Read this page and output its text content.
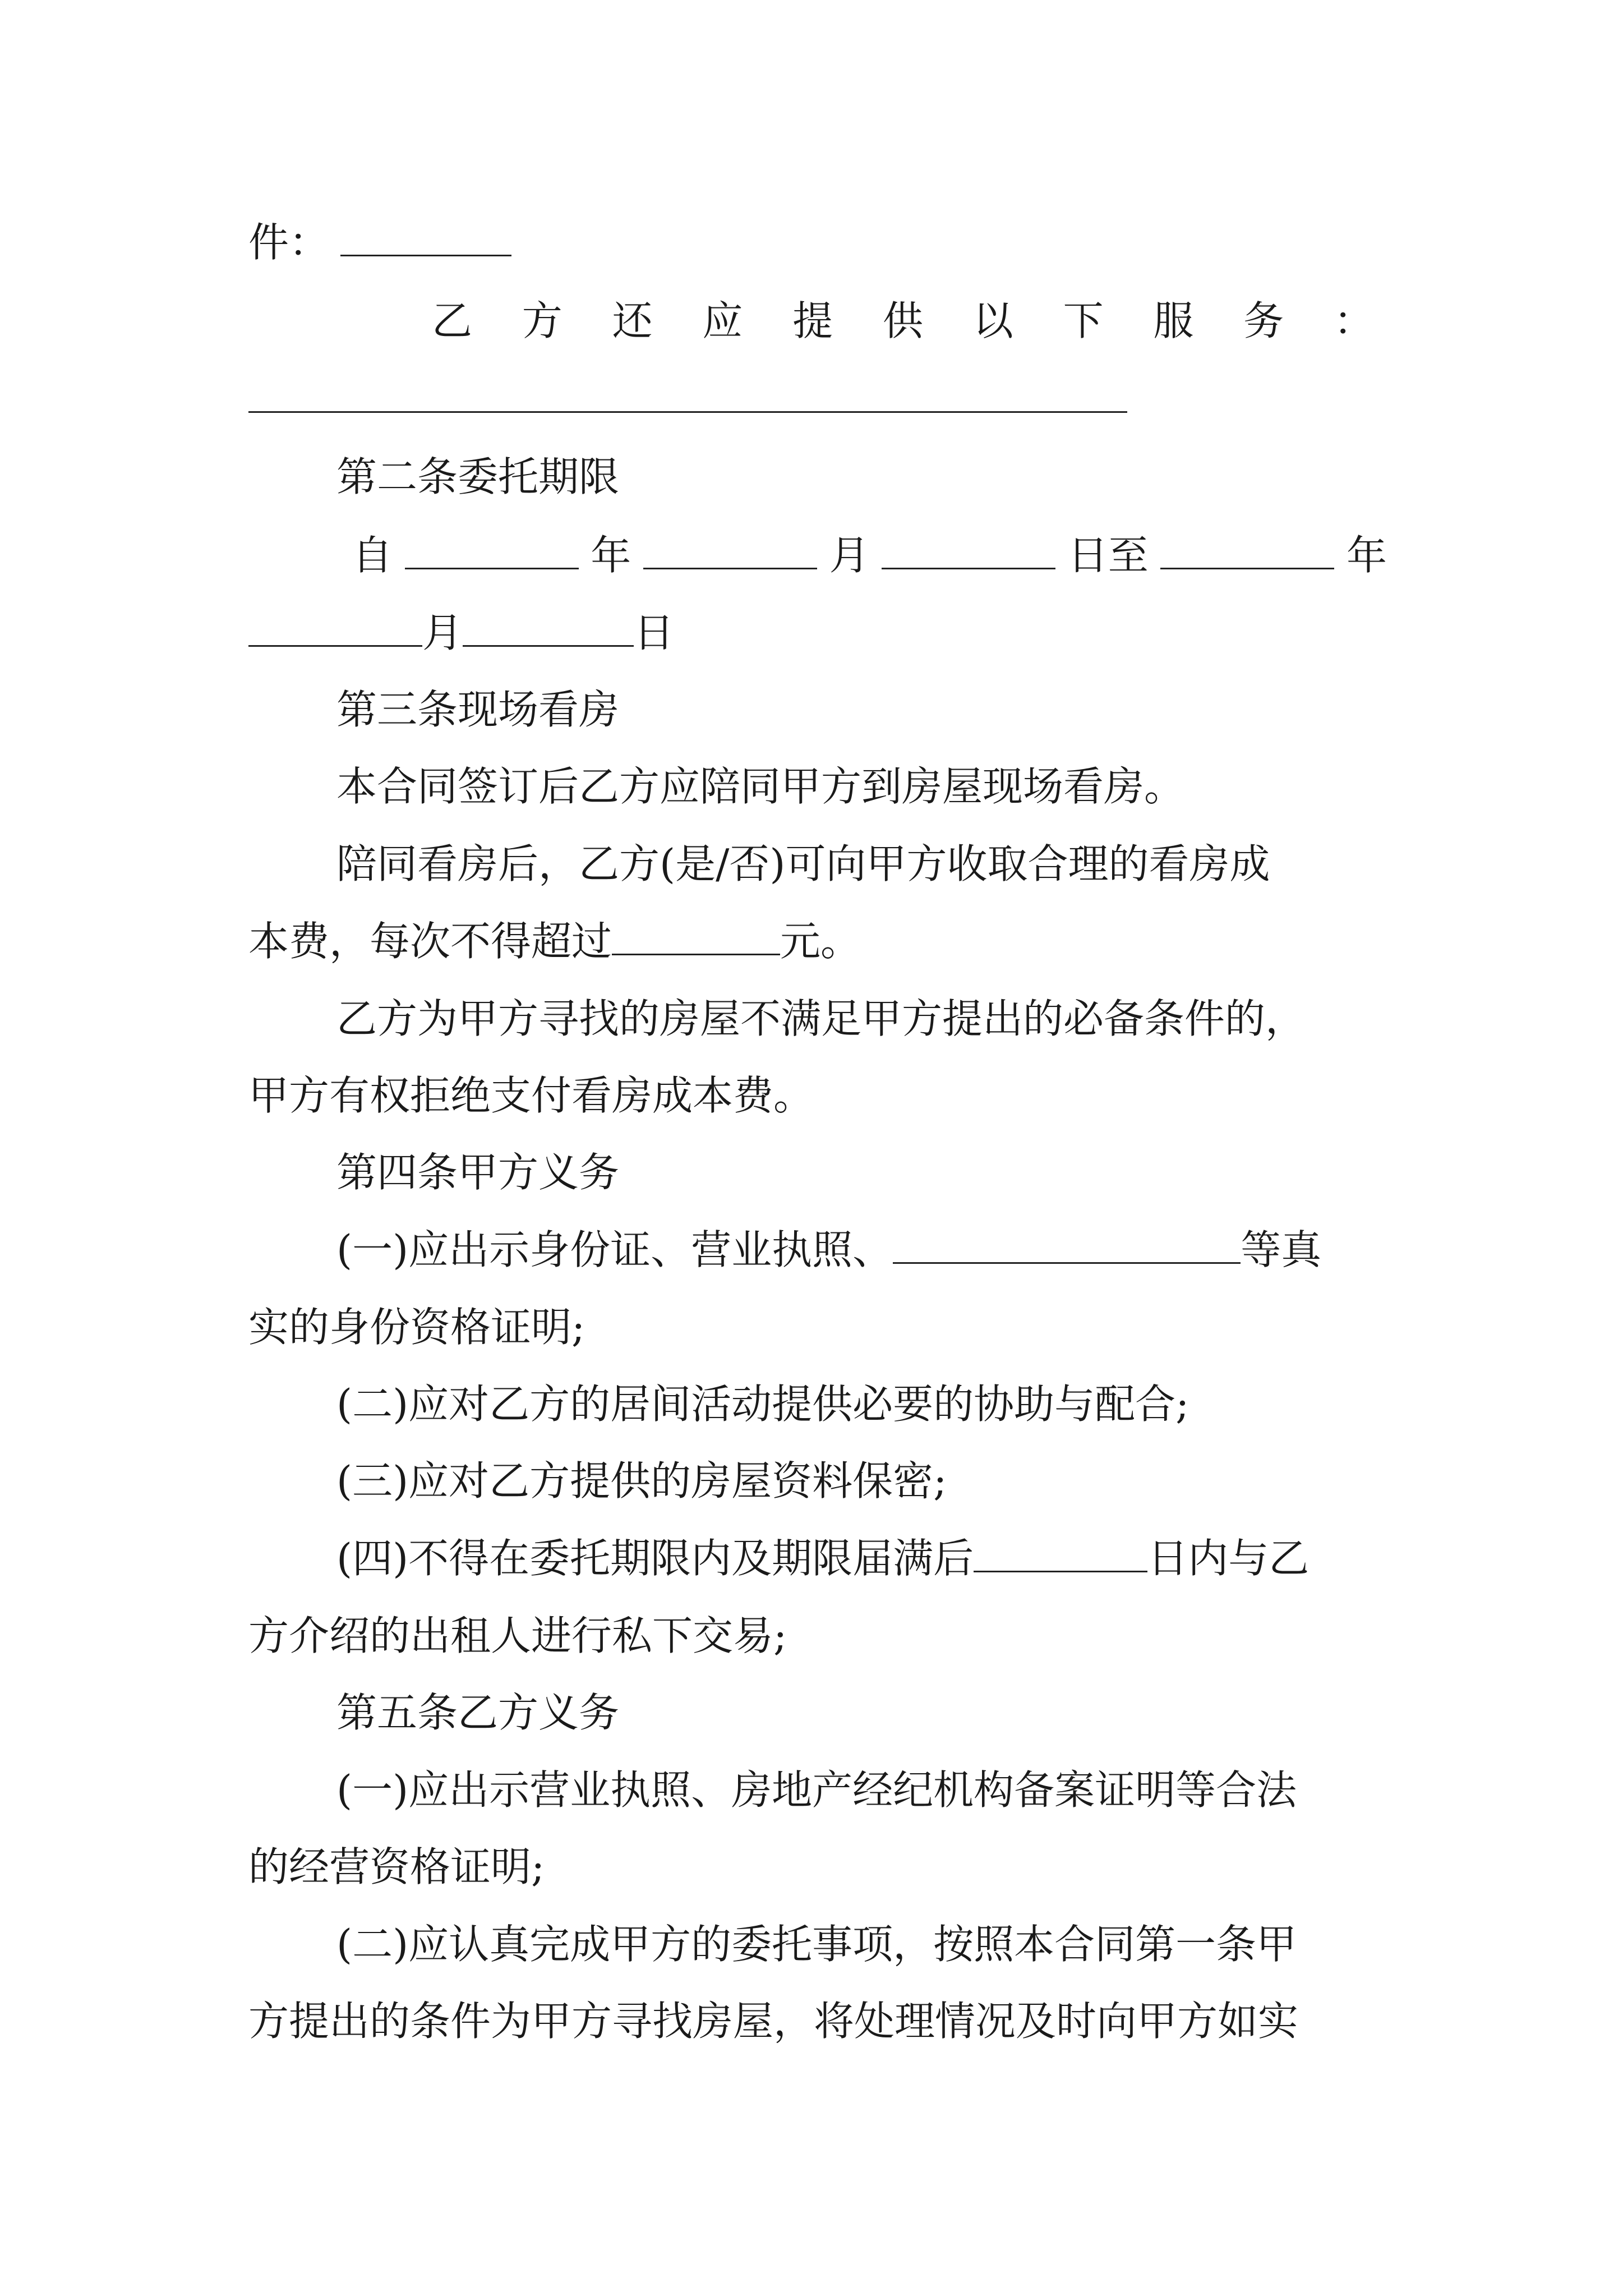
件：
乙 方 还 应 提 供 以 下 服 务 ：
第二条委托期限
自	年	月	日至	年
月	日
第三条现场看房
本合同签订后乙方应陪同甲方到房屋现场看房。
陪同看房后，乙方(是/否)可向甲方收取合理的看房成
本费，每次不得超过	元。
乙方为甲方寻找的房屋不满足甲方提出的必备条件的，
甲方有权拒绝支付看房成本费。
第四条甲方义务
(一)应出示身份证、营业执照、	等真
实的身份资格证明;
(二)应对乙方的居间活动提供必要的协助与配合;
(三)应对乙方提供的房屋资料保密;
(四)不得在委托期限内及期限届满后	日内与乙
方介绍的出租人进行私下交易;
第五条乙方义务
(一)应出示营业执照、房地产经纪机构备案证明等合法
的经营资格证明;
(二)应认真完成甲方的委托事项，按照本合同第一条甲
方提出的条件为甲方寻找房屋，将处理情况及时向甲方如实
